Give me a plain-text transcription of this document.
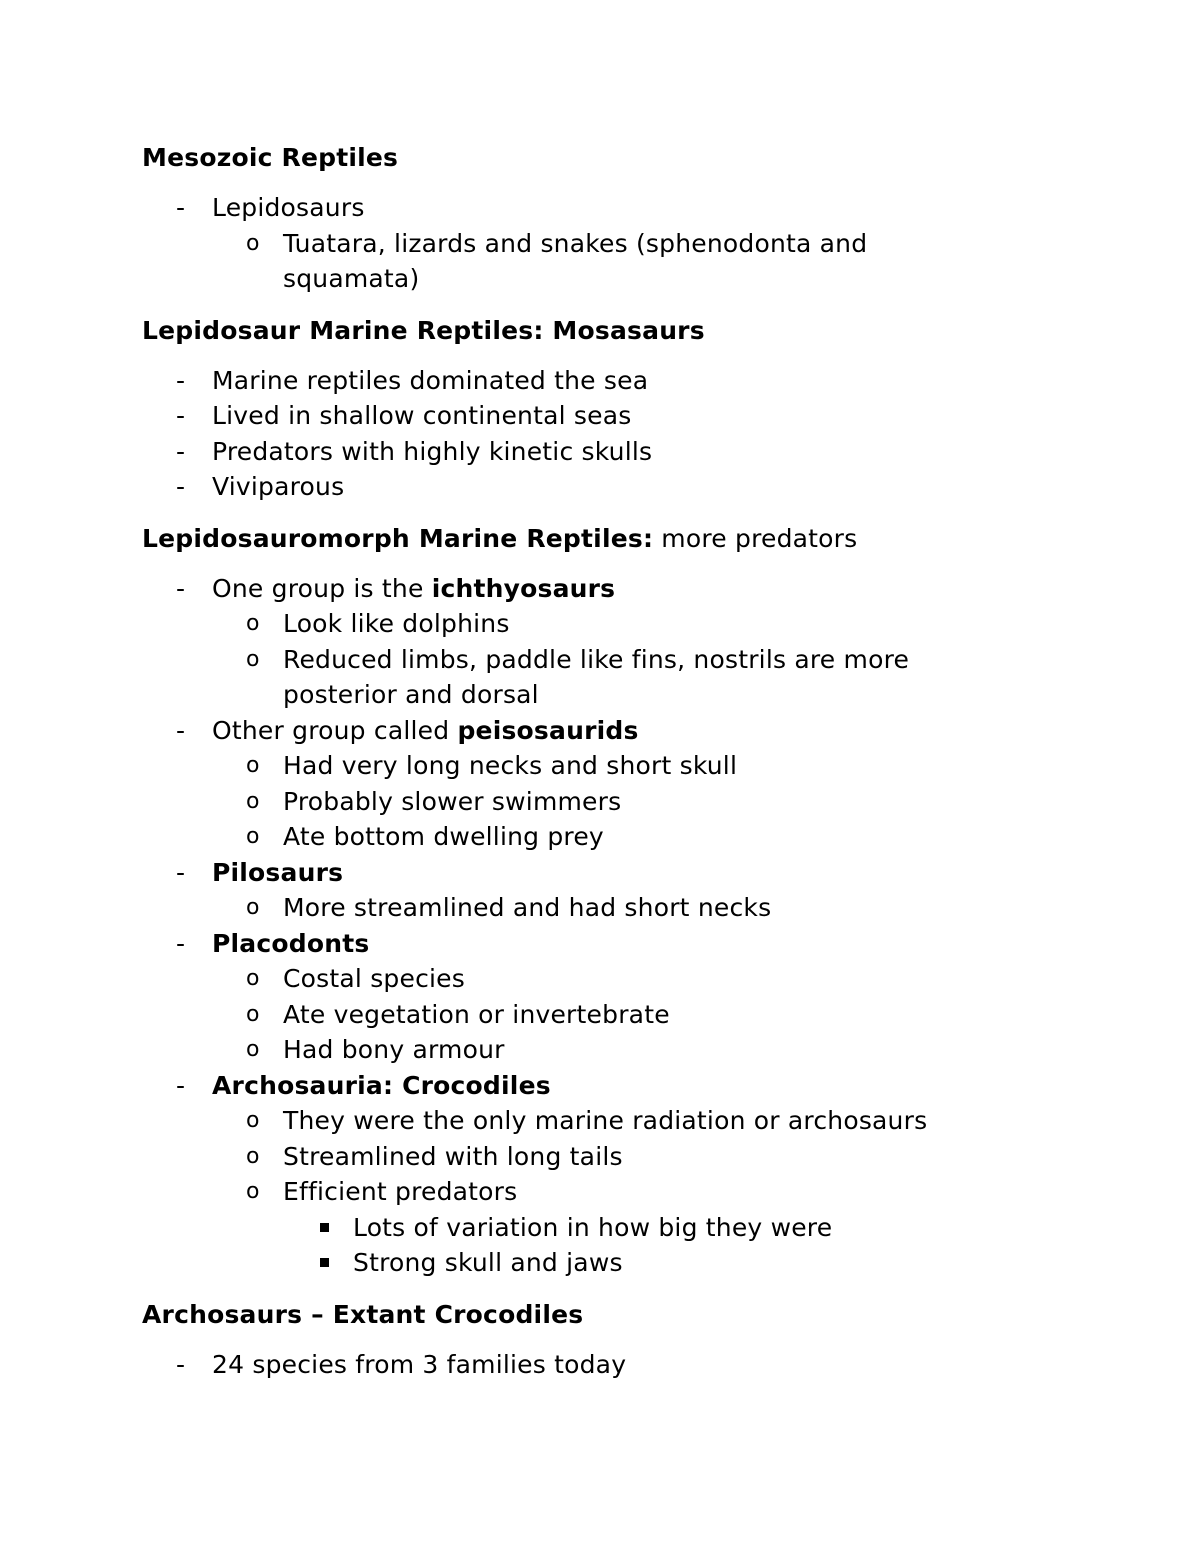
Mesozoic Reptiles
- Lepidosaurs
o Tuatara, lizards and snakes (sphenodonta and
squamata)
Lepidosaur Marine Reptiles: Mosasaurs
- Marine reptiles dominated the sea
- Lived in shallow continental seas
- Predators with highly kinetic skulls
- Viviparous
Lepidosauromorph Marine Reptiles: more predators
- One group is the ichthyosaurs
o Look like dolphins
o Reduced limbs, paddle like fins, nostrils are more
posterior and dorsal
- Other group called peisosaurids
o Had very long necks and short skull
o Probably slower swimmers
o Ate bottom dwelling prey
- Pilosaurs
o More streamlined and had short necks
- Placodonts
o Costal species
o Ate vegetation or invertebrate
o Had bony armour
- Archosauria: Crocodiles
o They were the only marine radiation or archosaurs
o Streamlined with long tails
o Efficient predators
Lots of variation in how big they were
Strong skull and jaws
Archosaurs – Extant Crocodiles
- 24 species from 3 families today
